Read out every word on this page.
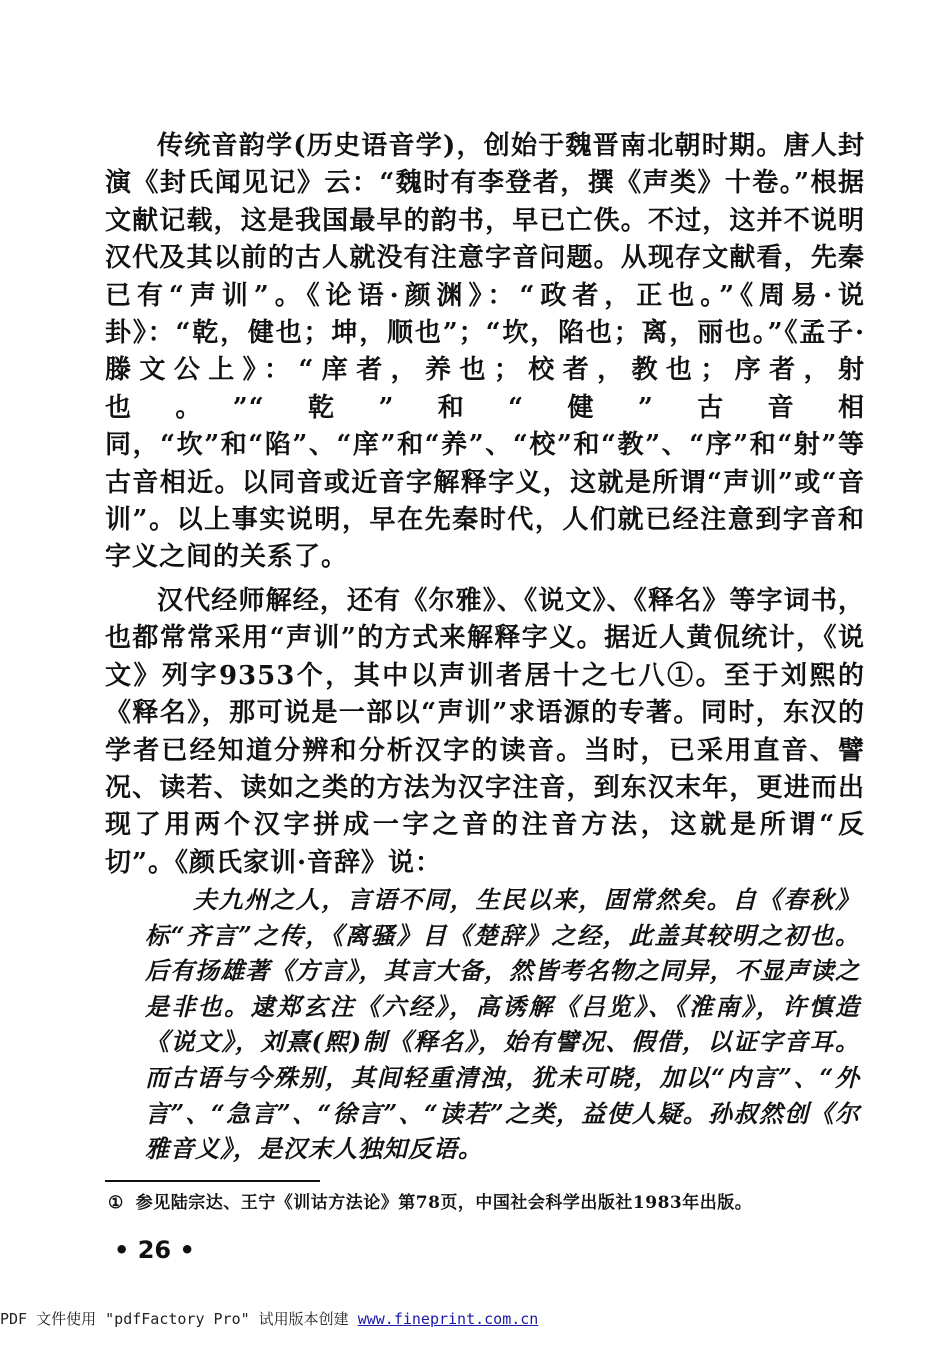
传统音韵学(历史语音学)，创始于魏晋南北朝时期。唐人封演《封氏闻见记》云：“魏时有李登者，撰《声类》十卷。”根据文献记载，这是我国最早的韵书，早已亡佚。不过，这并不说明汉代及其以前的古人就没有注意字音问题。从现存文献看，先秦已有“声训”。《论语·颜渊》：“政者，正也。”《周易·说卦》：“乾，健也；坤，顺也”；“坎，陷也；离，丽也。”《孟子·滕文公上》：“庠者，养也；校者，教也；序者，射也。”“乾”和“健”古音相同，“坎”和“陷”、“庠”和“养”、“校”和“教”、“序”和“射”等古音相近。以同音或近音字解释字义，这就是所谓“声训”或“音训”。以上事实说明，早在先秦时代，人们就已经注意到字音和字义之间的关系了。

汉代经师解经，还有《尔雅》、《说文》、《释名》等字词书，也都常常采用“声训”的方式来解释字义。据近人黄侃统计，《说文》列字9353个，其中以声训者居十之七八①。至于刘熙的《释名》，那可说是一部以“声训”求语源的专著。同时，东汉的学者已经知道分辨和分析汉字的读音。当时，已采用直音、譬况、读若、读如之类的方法为汉字注音，到东汉末年，更进而出现了用两个汉字拼成一字之音的注音方法，这就是所谓“反切”。《颜氏家训·音辞》说：

夫九州之人，言语不同，生民以来，固常然矣。自《春秋》标“齐言”之传，《离骚》目《楚辞》之经，此盖其较明之初也。后有扬雄著《方言》，其言大备，然皆考名物之同异，不显声读之是非也。逮郑玄注《六经》，高诱解《吕览》、《淮南》，许慎造《说文》，刘熹(熙)制《释名》，始有譬况、假借，以证字音耳。而古语与今殊别，其间轻重清浊，犹未可晓，加以“内言”、“外言”、“急言”、“徐言”、“读若”之类，益使人疑。孙叔然创《尔雅音义》，是汉末人独知反语。

① 参见陆宗达、王宁《训诂方法论》第78页，中国社会科学出版社1983年出版。
• 26 •
PDF 文件使用 "pdfFactory Pro" 试用版本创建 www.fineprint.com.cn
